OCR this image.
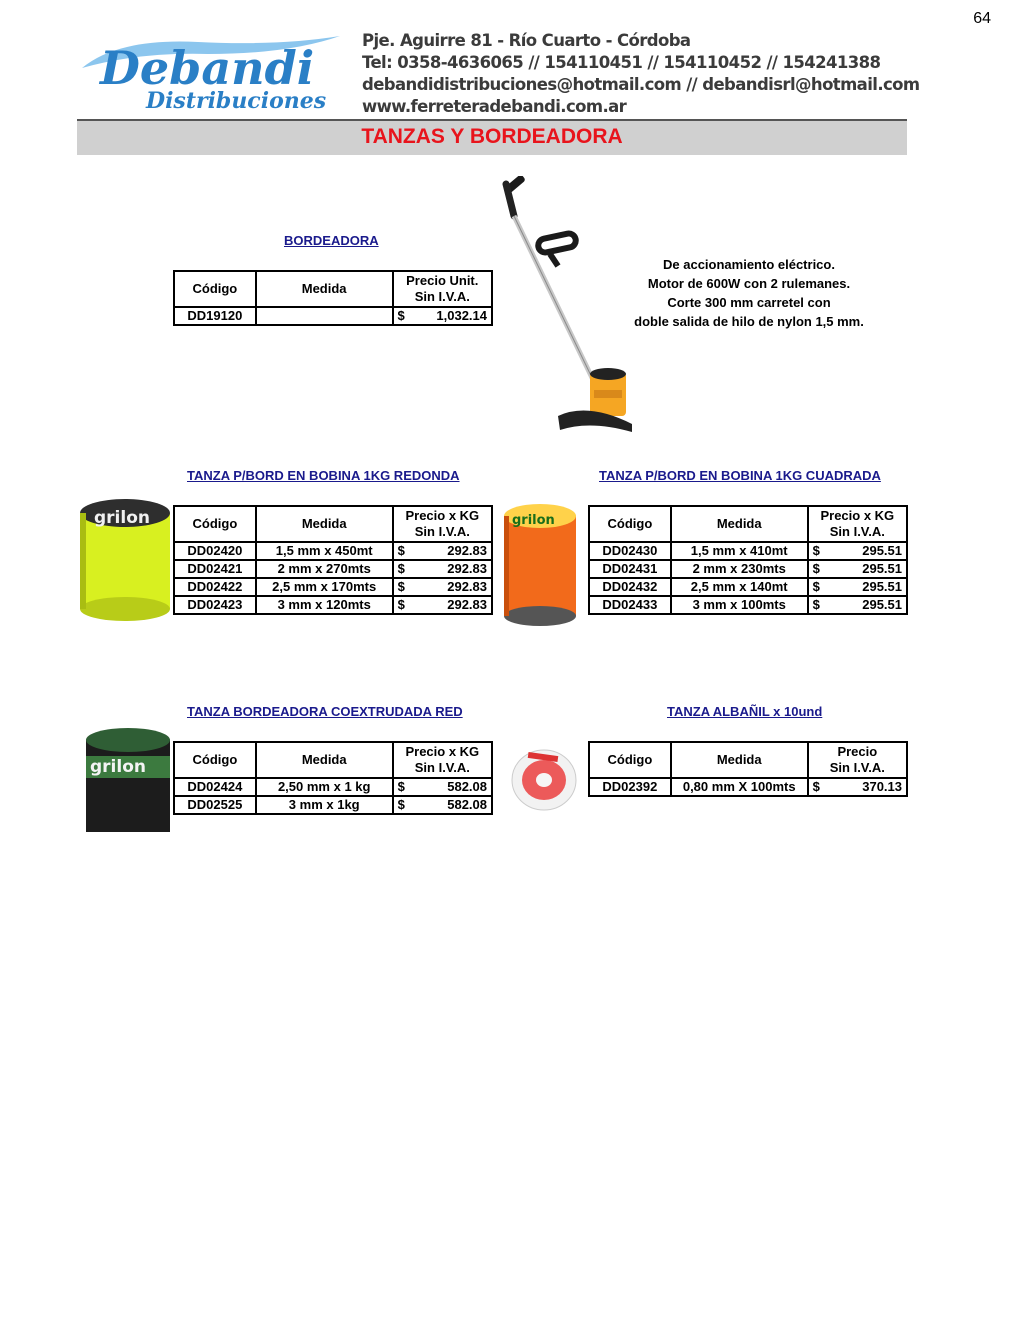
64
Debandi
Distribuciones
Pje. Aguirre 81 - Río Cuarto - Córdoba
Tel: 0358-4636065 // 154110451 // 154110452 // 154241388
debandidistribuciones@hotmail.com // debandisrl@hotmail.com
www.ferreteradebandi.com.ar
TANZAS Y BORDEADORA
BORDEADORA
Código	Medida	Precio Unit.
Sin I.V.A.
DD19120		$ 1,032.14
De accionamiento eléctrico.
Motor de 600W con 2 rulemanes.
Corte 300 mm carretel con
doble salida de hilo de nylon 1,5 mm.
TANZA P/BORD EN BOBINA 1KG REDONDA
grilon	Código	Medida	Precio x KG
Sin I.V.A.
DD02420	1,5 mm x 450mt	$ 292.83
DD02421	2 mm x 270mts	$ 292.83
DD02422	2,5 mm x 170mts	$ 292.83
DD02423	3 mm x 120mts	$ 292.83
TANZA P/BORD EN BOBINA 1KG CUADRADA
grilon	Código	Medida	Precio x KG
Sin I.V.A.
DD02430	1,5 mm x 410mt	$ 295.51
DD02431	2 mm x 230mts	$ 295.51
DD02432	2,5 mm x 140mt	$ 295.51
DD02433	3 mm x 100mts	$ 295.51
TANZA BORDEADORA COEXTRUDADA RED
grilon	Código	Medida	Precio x KG
Sin I.V.A.
DD02424	2,50 mm x 1 kg	$ 582.08
DD02525	3 mm x 1kg	$ 582.08
TANZA ALBAÑIL x 10und
Código	Medida	Precio
Sin I.V.A.
DD02392	0,80 mm X 100mts	$ 370.13
